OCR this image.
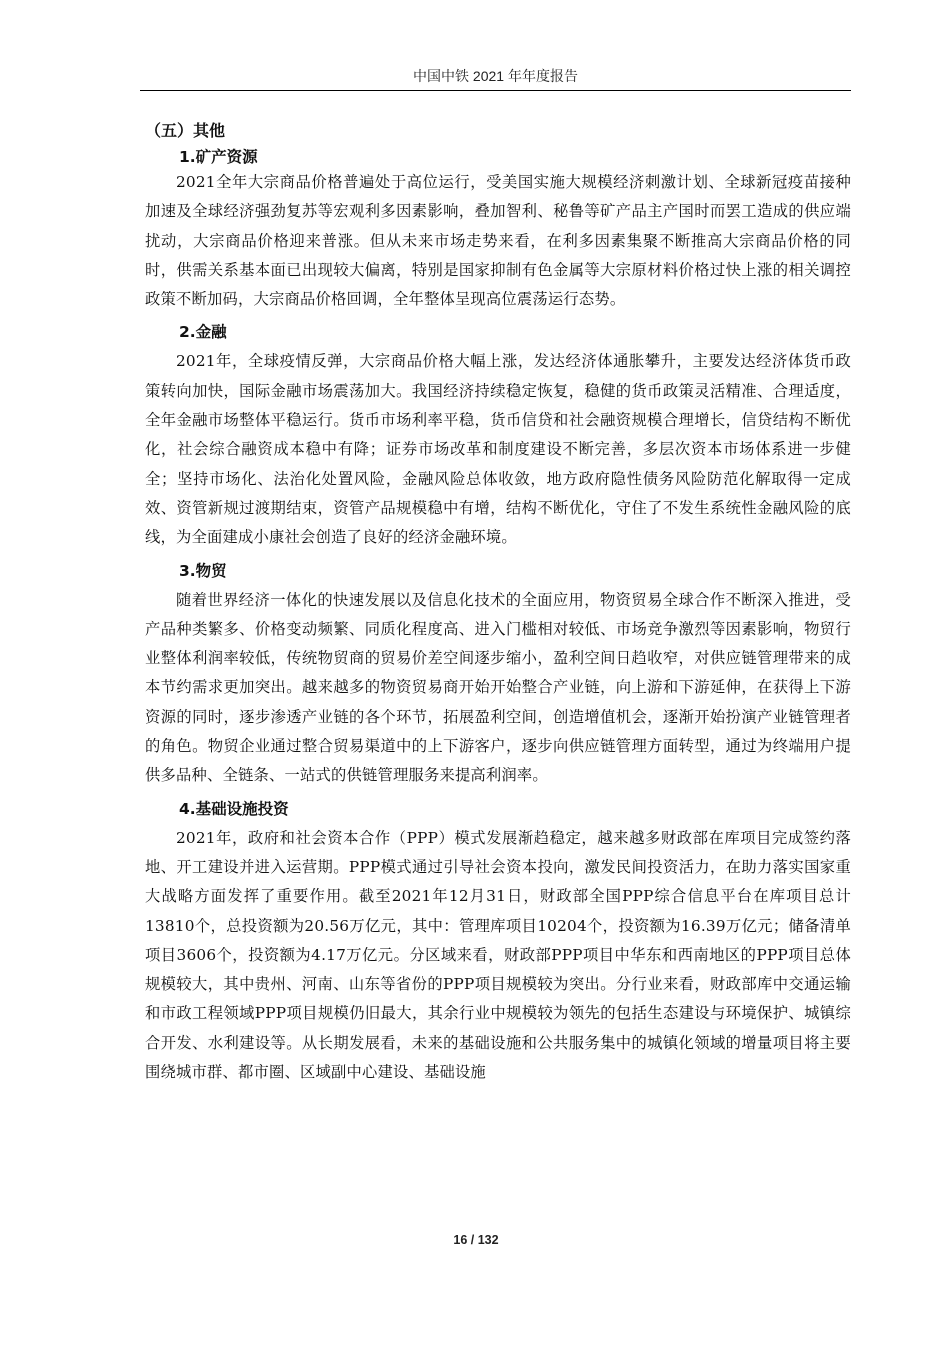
中国中铁 2021 年年度报告
（五）其他
1.矿产资源

2021全年大宗商品价格普遍处于高位运行，受美国实施大规模经济刺激计划、全球新冠疫苗接种加速及全球经济强劲复苏等宏观利多因素影响，叠加智利、秘鲁等矿产品主产国时而罢工造成的供应端扰动，大宗商品价格迎来普涨。但从未来市场走势来看，在利多因素集聚不断推高大宗商品价格的同时，供需关系基本面已出现较大偏离，特别是国家抑制有色金属等大宗原材料价格过快上涨的相关调控政策不断加码，大宗商品价格回调，全年整体呈现高位震荡运行态势。

2.金融

2021年，全球疫情反弹，大宗商品价格大幅上涨，发达经济体通胀攀升，主要发达经济体货币政策转向加快，国际金融市场震荡加大。我国经济持续稳定恢复，稳健的货币政策灵活精准、合理适度，全年金融市场整体平稳运行。货币市场利率平稳，货币信贷和社会融资规模合理增长，信贷结构不断优化，社会综合融资成本稳中有降；证券市场改革和制度建设不断完善，多层次资本市场体系进一步健全；坚持市场化、法治化处置风险，金融风险总体收敛，地方政府隐性债务风险防范化解取得一定成效、资管新规过渡期结束，资管产品规模稳中有增，结构不断优化，守住了不发生系统性金融风险的底线，为全面建成小康社会创造了良好的经济金融环境。

3.物贸

随着世界经济一体化的快速发展以及信息化技术的全面应用，物资贸易全球合作不断深入推进，受产品种类繁多、价格变动频繁、同质化程度高、进入门槛相对较低、市场竞争激烈等因素影响，物贸行业整体利润率较低，传统物贸商的贸易价差空间逐步缩小，盈利空间日趋收窄，对供应链管理带来的成本节约需求更加突出。越来越多的物资贸易商开始开始整合产业链，向上游和下游延伸，在获得上下游资源的同时，逐步渗透产业链的各个环节，拓展盈利空间，创造增值机会，逐渐开始扮演产业链管理者的角色。物贸企业通过整合贸易渠道中的上下游客户，逐步向供应链管理方面转型，通过为终端用户提供多品种、全链条、一站式的供链管理服务来提高利润率。

4.基础设施投资

2021年，政府和社会资本合作（PPP）模式发展渐趋稳定，越来越多财政部在库项目完成签约落地、开工建设并进入运营期。PPP模式通过引导社会资本投向，激发民间投资活力，在助力落实国家重大战略方面发挥了重要作用。截至2021年12月31日，财政部全国PPP综合信息平台在库项目总计13810个，总投资额为20.56万亿元，其中：管理库项目10204个，投资额为16.39万亿元；储备清单项目3606个，投资额为4.17万亿元。分区域来看，财政部PPP项目中华东和西南地区的PPP项目总体规模较大，其中贵州、河南、山东等省份的PPP项目规模较为突出。分行业来看，财政部库中交通运输和市政工程领域PPP项目规模仍旧最大，其余行业中规模较为领先的包括生态建设与环境保护、城镇综合开发、水利建设等。从长期发展看，未来的基础设施和公共服务集中的城镇化领域的增量项目将主要围绕城市群、都市圈、区域副中心建设、基础设施

16 / 132
